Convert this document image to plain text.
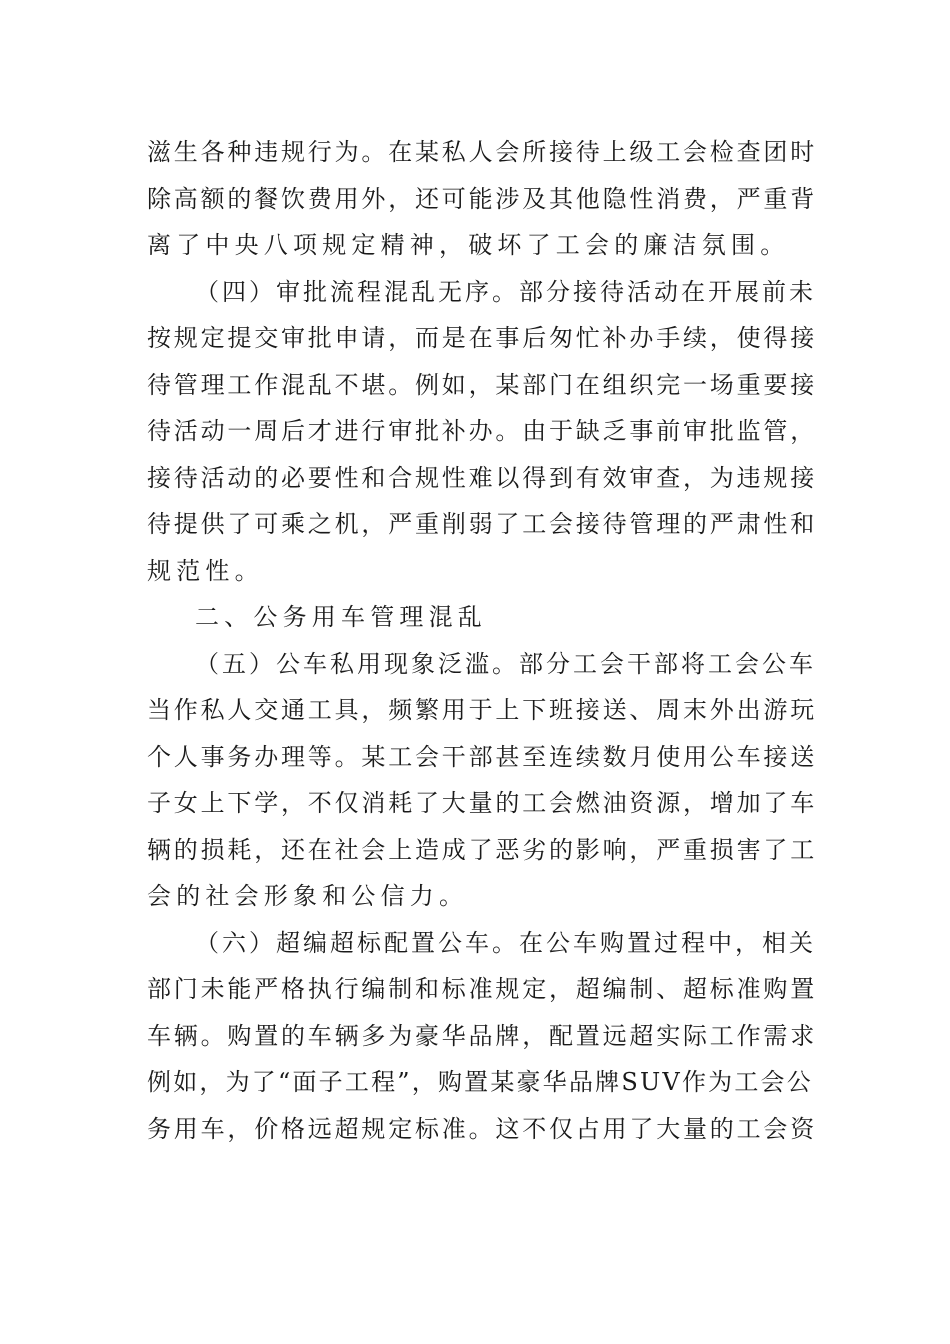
滋生各种违规行为。在某私人会所接待上级工会检查团时
除高额的餐饮费用外，还可能涉及其他隐性消费，严重背
离了中央八项规定精神，破坏了工会的廉洁氛围。
（四）审批流程混乱无序。部分接待活动在开展前未
按规定提交审批申请，而是在事后匆忙补办手续，使得接
待管理工作混乱不堪。例如，某部门在组织完一场重要接
待活动一周后才进行审批补办。由于缺乏事前审批监管，
接待活动的必要性和合规性难以得到有效审查，为违规接
待提供了可乘之机，严重削弱了工会接待管理的严肃性和
规范性。
二、公务用车管理混乱
（五）公车私用现象泛滥。部分工会干部将工会公车
当作私人交通工具，频繁用于上下班接送、周末外出游玩
个人事务办理等。某工会干部甚至连续数月使用公车接送
子女上下学，不仅消耗了大量的工会燃油资源，增加了车
辆的损耗，还在社会上造成了恶劣的影响，严重损害了工
会的社会形象和公信力。
（六）超编超标配置公车。在公车购置过程中，相关
部门未能严格执行编制和标准规定，超编制、超标准购置
车辆。购置的车辆多为豪华品牌，配置远超实际工作需求
例如，为了“面子工程”，购置某豪华品牌SUV作为工会公
务用车，价格远超规定标准。这不仅占用了大量的工会资
